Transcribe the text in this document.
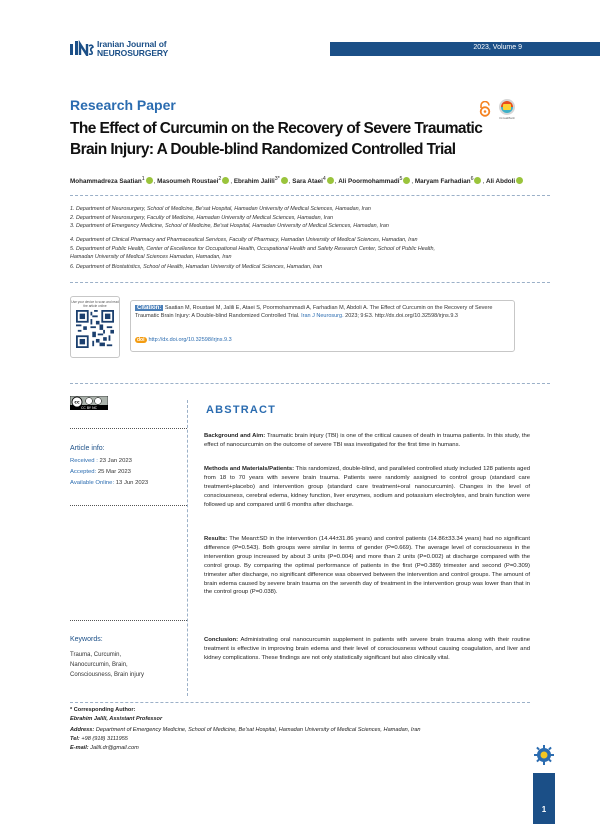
Iranian Journal of
NEUROSURGERY
2023, Volume 9
Research Paper
The Effect of Curcumin on the Recovery of Severe Traumatic
Brain Injury: A Double-blind Randomized Controlled Trial
CrossMark
Mohammadreza Saatian$^1$ , Masoumeh Roustaei$^2$ , Ebrahim Jalili$^{3*}$ , Sara Ataei$^4$ , Ali Poormohammadi$^5$ , Maryam Farhadian$^6$ , Ali Abdoli
1. Department of Neurosurgery, School of Medicine, Be'sat Hospital, Hamadan University of Medical Sciences, Hamadan, Iran
2. Department of Neurosurgery, Faculty of Medicine, Hamadan University of Medical Sciences, Hamadan, Iran
3. Department of Emergency Medicine, School of Medicine, Be'sat Hospital, Hamadan University of Medical Sciences, Hamadan, Iran
4. Department of Clinical Pharmacy and Pharmaceutical Services, Faculty of Pharmacy, Hamadan University of Medical Sciences, Hamadan, Iran
5. Department of Public Health, Center of Excellence for Occupational Health, Occupational Health and Safety Research Center, School of Public Health,
Hamadan University of Medical Sciences Hamadan, Hamadan, Iran
6. Department of Biostatistics, School of Health, Hamadan University of Medical Sciences, Hamadan, Iran
Use your device to scan and read the article online	Citation: Saatian M, Roustaei M, Jalili E, Ataei S, Poormohammadi A, Farhadian M, Abdoli A. The Effect of Curcumin on the Recovery of Severe Traumatic Brain Injury: A Double-blind Randomized Controlled Trial. Iran J Neurosurg. 2023; 9:E3. http://dx.doi.org/10.32598/irjns.9.3
doi http://dx.doi.org/10.32598/irjns.9.3
cc
CC BY NC
Article info:
Received : 23 Jan 2023
Accepted: 25 Mar 2023
Available Online: 13 Jun 2023
Keywords:
Trauma, Curcumin,
Nanocurcumin, Brain,
Consciousness, Brain injury
ABSTRACT
Background and Aim: Traumatic brain injury (TBI) is one of the critical causes of death in trauma patients. In this study, the effect of nanocurcumin on the outcome of severe TBI was investigated for the first time in humans.
Methods and Materials/Patients: This randomized, double-blind, and paralleled controlled study included 128 patients aged from 18 to 70 years with severe brain trauma. Patients were randomly assigned to control group (standard care treatment+placebo) and intervention group (standard care treatment+oral nanocurcumin). Changes in the level of consciousness, cerebral edema, kidney function, liver enzymes, sodium and potassium electrolytes, and brain function were followed up and compared until 6 months after discharge.
Results: The Mean±SD in the intervention (14.44±31.86 years) and control patients (14.86±33.34 years) had no significant difference (P=0.543). Both groups were similar in terms of gender (P=0.669). The average level of consciousness in the intervention group increased by about 3 units (P=0.004) and more than 2 units (P=0.002) at discharge compared with the control group. By comparing the optimal performance of patients in the first (P=0.389) trimester and second (P=0.309) trimester after discharge, no significant difference was observed between the intervention and control groups. The amount of brain edema caused by severe brain trauma on the seventh day of treatment in the intervention group was lower than that in the control group (P=0.038).
Conclusion: Administrating oral nanocurcumin supplement in patients with severe brain trauma along with their routine treatment is effective in improving brain edema and their level of consciousness without causing coagulation, and liver and kidney complications. These findings are not only statistically significant but also clinically vital.
* Corresponding Author:
Ebrahim Jalili, Assistant Professor
Address: Department of Emergency Medicine, School of Medicine, Be'sat Hospital, Hamadan University of Medical Sciences, Hamadan, Iran
Tel: +98 (918) 3111955
E-mail: Jalili.dr@gmail.com
1
